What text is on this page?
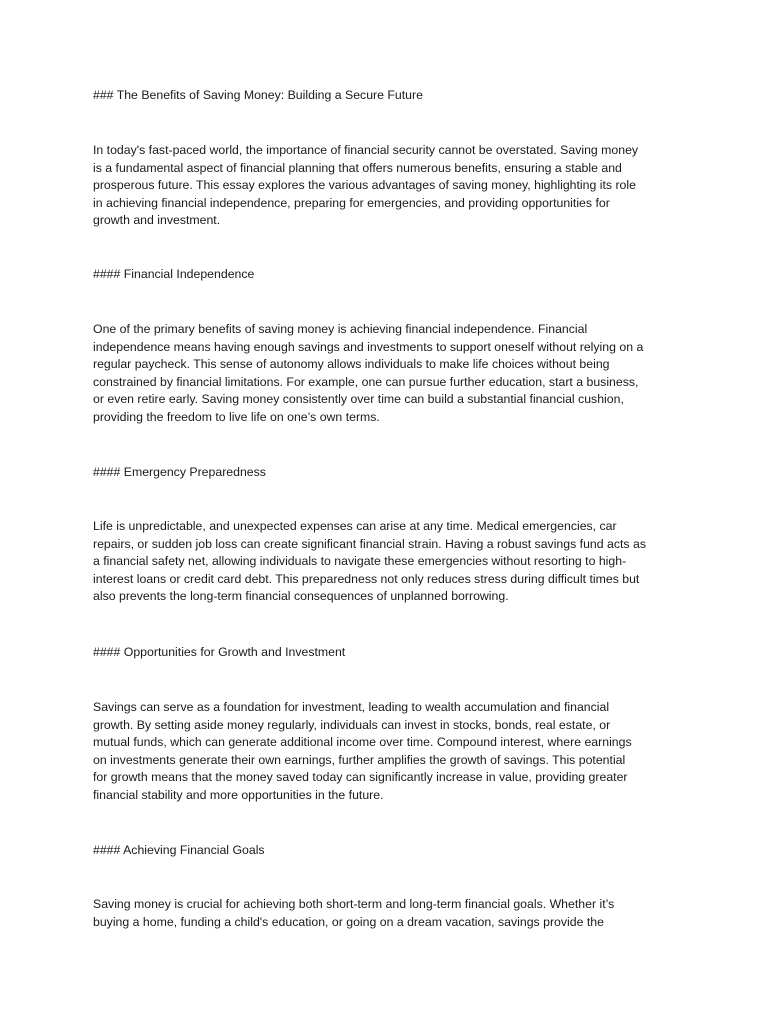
### The Benefits of Saving Money: Building a Secure Future

In today's fast-paced world, the importance of financial security cannot be overstated. Saving money
is a fundamental aspect of financial planning that offers numerous benefits, ensuring a stable and
prosperous future. This essay explores the various advantages of saving money, highlighting its role
in achieving financial independence, preparing for emergencies, and providing opportunities for
growth and investment.

#### Financial Independence

One of the primary benefits of saving money is achieving financial independence. Financial
independence means having enough savings and investments to support oneself without relying on a
regular paycheck. This sense of autonomy allows individuals to make life choices without being
constrained by financial limitations. For example, one can pursue further education, start a business,
or even retire early. Saving money consistently over time can build a substantial financial cushion,
providing the freedom to live life on one’s own terms.

#### Emergency Preparedness

Life is unpredictable, and unexpected expenses can arise at any time. Medical emergencies, car
repairs, or sudden job loss can create significant financial strain. Having a robust savings fund acts as
a financial safety net, allowing individuals to navigate these emergencies without resorting to high-
interest loans or credit card debt. This preparedness not only reduces stress during difficult times but
also prevents the long-term financial consequences of unplanned borrowing.

#### Opportunities for Growth and Investment

Savings can serve as a foundation for investment, leading to wealth accumulation and financial
growth. By setting aside money regularly, individuals can invest in stocks, bonds, real estate, or
mutual funds, which can generate additional income over time. Compound interest, where earnings
on investments generate their own earnings, further amplifies the growth of savings. This potential
for growth means that the money saved today can significantly increase in value, providing greater
financial stability and more opportunities in the future.

#### Achieving Financial Goals

Saving money is crucial for achieving both short-term and long-term financial goals. Whether it’s
buying a home, funding a child's education, or going on a dream vacation, savings provide the
